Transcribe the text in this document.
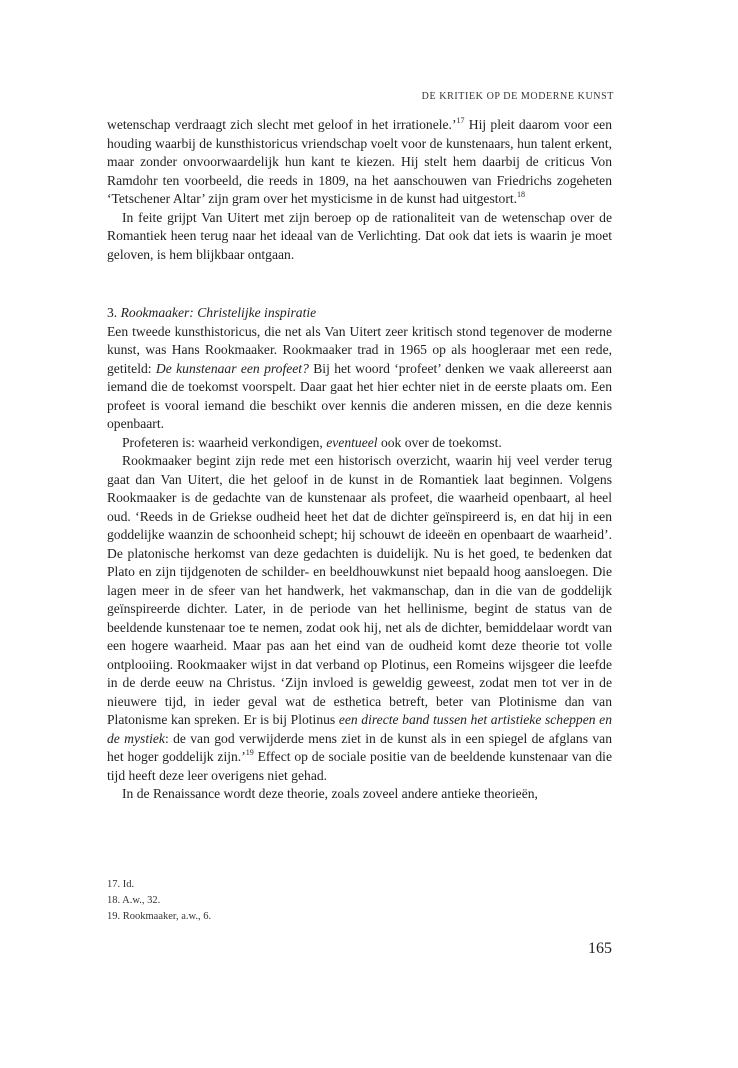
DE KRITIEK OP DE MODERNE KUNST

wetenschap verdraagt zich slecht met geloof in het irrationele.’$^{17}$ Hij pleit daarom voor een houding waarbij de kunsthistoricus vriendschap voelt voor de kunstenaars, hun talent erkent, maar zonder onvoorwaardelijk hun kant te kiezen. Hij stelt hem daarbij de criticus Von Ramdohr ten voorbeeld, die reeds in 1809, na het aanschouwen van Friedrichs zogeheten ‘Tetschener Altar’ zijn gram over het mysticisme in de kunst had uitgestort.$^{18}$

In feite grijpt Van Uitert met zijn beroep op de rationaliteit van de wetenschap over de Romantiek heen terug naar het ideaal van de Verlichting. Dat ook dat iets is waarin je moet geloven, is hem blijkbaar ontgaan.

3. Rookmaaker: Christelijke inspiratie

Een tweede kunsthistoricus, die net als Van Uitert zeer kritisch stond tegenover de moderne kunst, was Hans Rookmaaker. Rookmaaker trad in 1965 op als hoogleraar met een rede, getiteld: De kunstenaar een profeet? Bij het woord ‘profeet’ denken we vaak allereerst aan iemand die de toekomst voorspelt. Daar gaat het hier echter niet in de eerste plaats om. Een profeet is vooral iemand die beschikt over kennis die anderen missen, en die deze kennis openbaart.

Profeteren is: waarheid verkondigen, eventueel ook over de toekomst.

Rookmaaker begint zijn rede met een historisch overzicht, waarin hij veel verder terug gaat dan Van Uitert, die het geloof in de kunst in de Romantiek laat beginnen. Volgens Rookmaaker is de gedachte van de kunstenaar als profeet, die waarheid openbaart, al heel oud. ‘Reeds in de Griekse oudheid heet het dat de dichter geïnspireerd is, en dat hij in een goddelijke waanzin de schoonheid schept; hij schouwt de ideeën en openbaart de waarheid’. De platonische herkomst van deze gedachten is duidelijk. Nu is het goed, te bedenken dat Plato en zijn tijdgenoten de schilder- en beeldhouwkunst niet bepaald hoog aansloegen. Die lagen meer in de sfeer van het handwerk, het vakmanschap, dan in die van de goddelijk geïnspireerde dichter. Later, in de periode van het hellinisme, begint de status van de beeldende kunstenaar toe te nemen, zodat ook hij, net als de dichter, bemiddelaar wordt van een hogere waarheid. Maar pas aan het eind van de oudheid komt deze theorie tot volle ontplooiing. Rookmaaker wijst in dat verband op Plotinus, een Romeins wijsgeer die leefde in de derde eeuw na Christus. ‘Zijn invloed is geweldig geweest, zodat men tot ver in de nieuwere tijd, in ieder geval wat de esthetica betreft, beter van Plotinisme dan van Platonisme kan spreken. Er is bij Plotinus een directe band tussen het artistieke scheppen en de mystiek: de van god verwijderde mens ziet in de kunst als in een spiegel de afglans van het hoger goddelijk zijn.’$^{19}$ Effect op de sociale positie van de beeldende kunstenaar van die tijd heeft deze leer overigens niet gehad.

In de Renaissance wordt deze theorie, zoals zoveel andere antieke theorieën,

17. Id.
18. A.w., 32.
19. Rookmaaker, a.w., 6.
165
